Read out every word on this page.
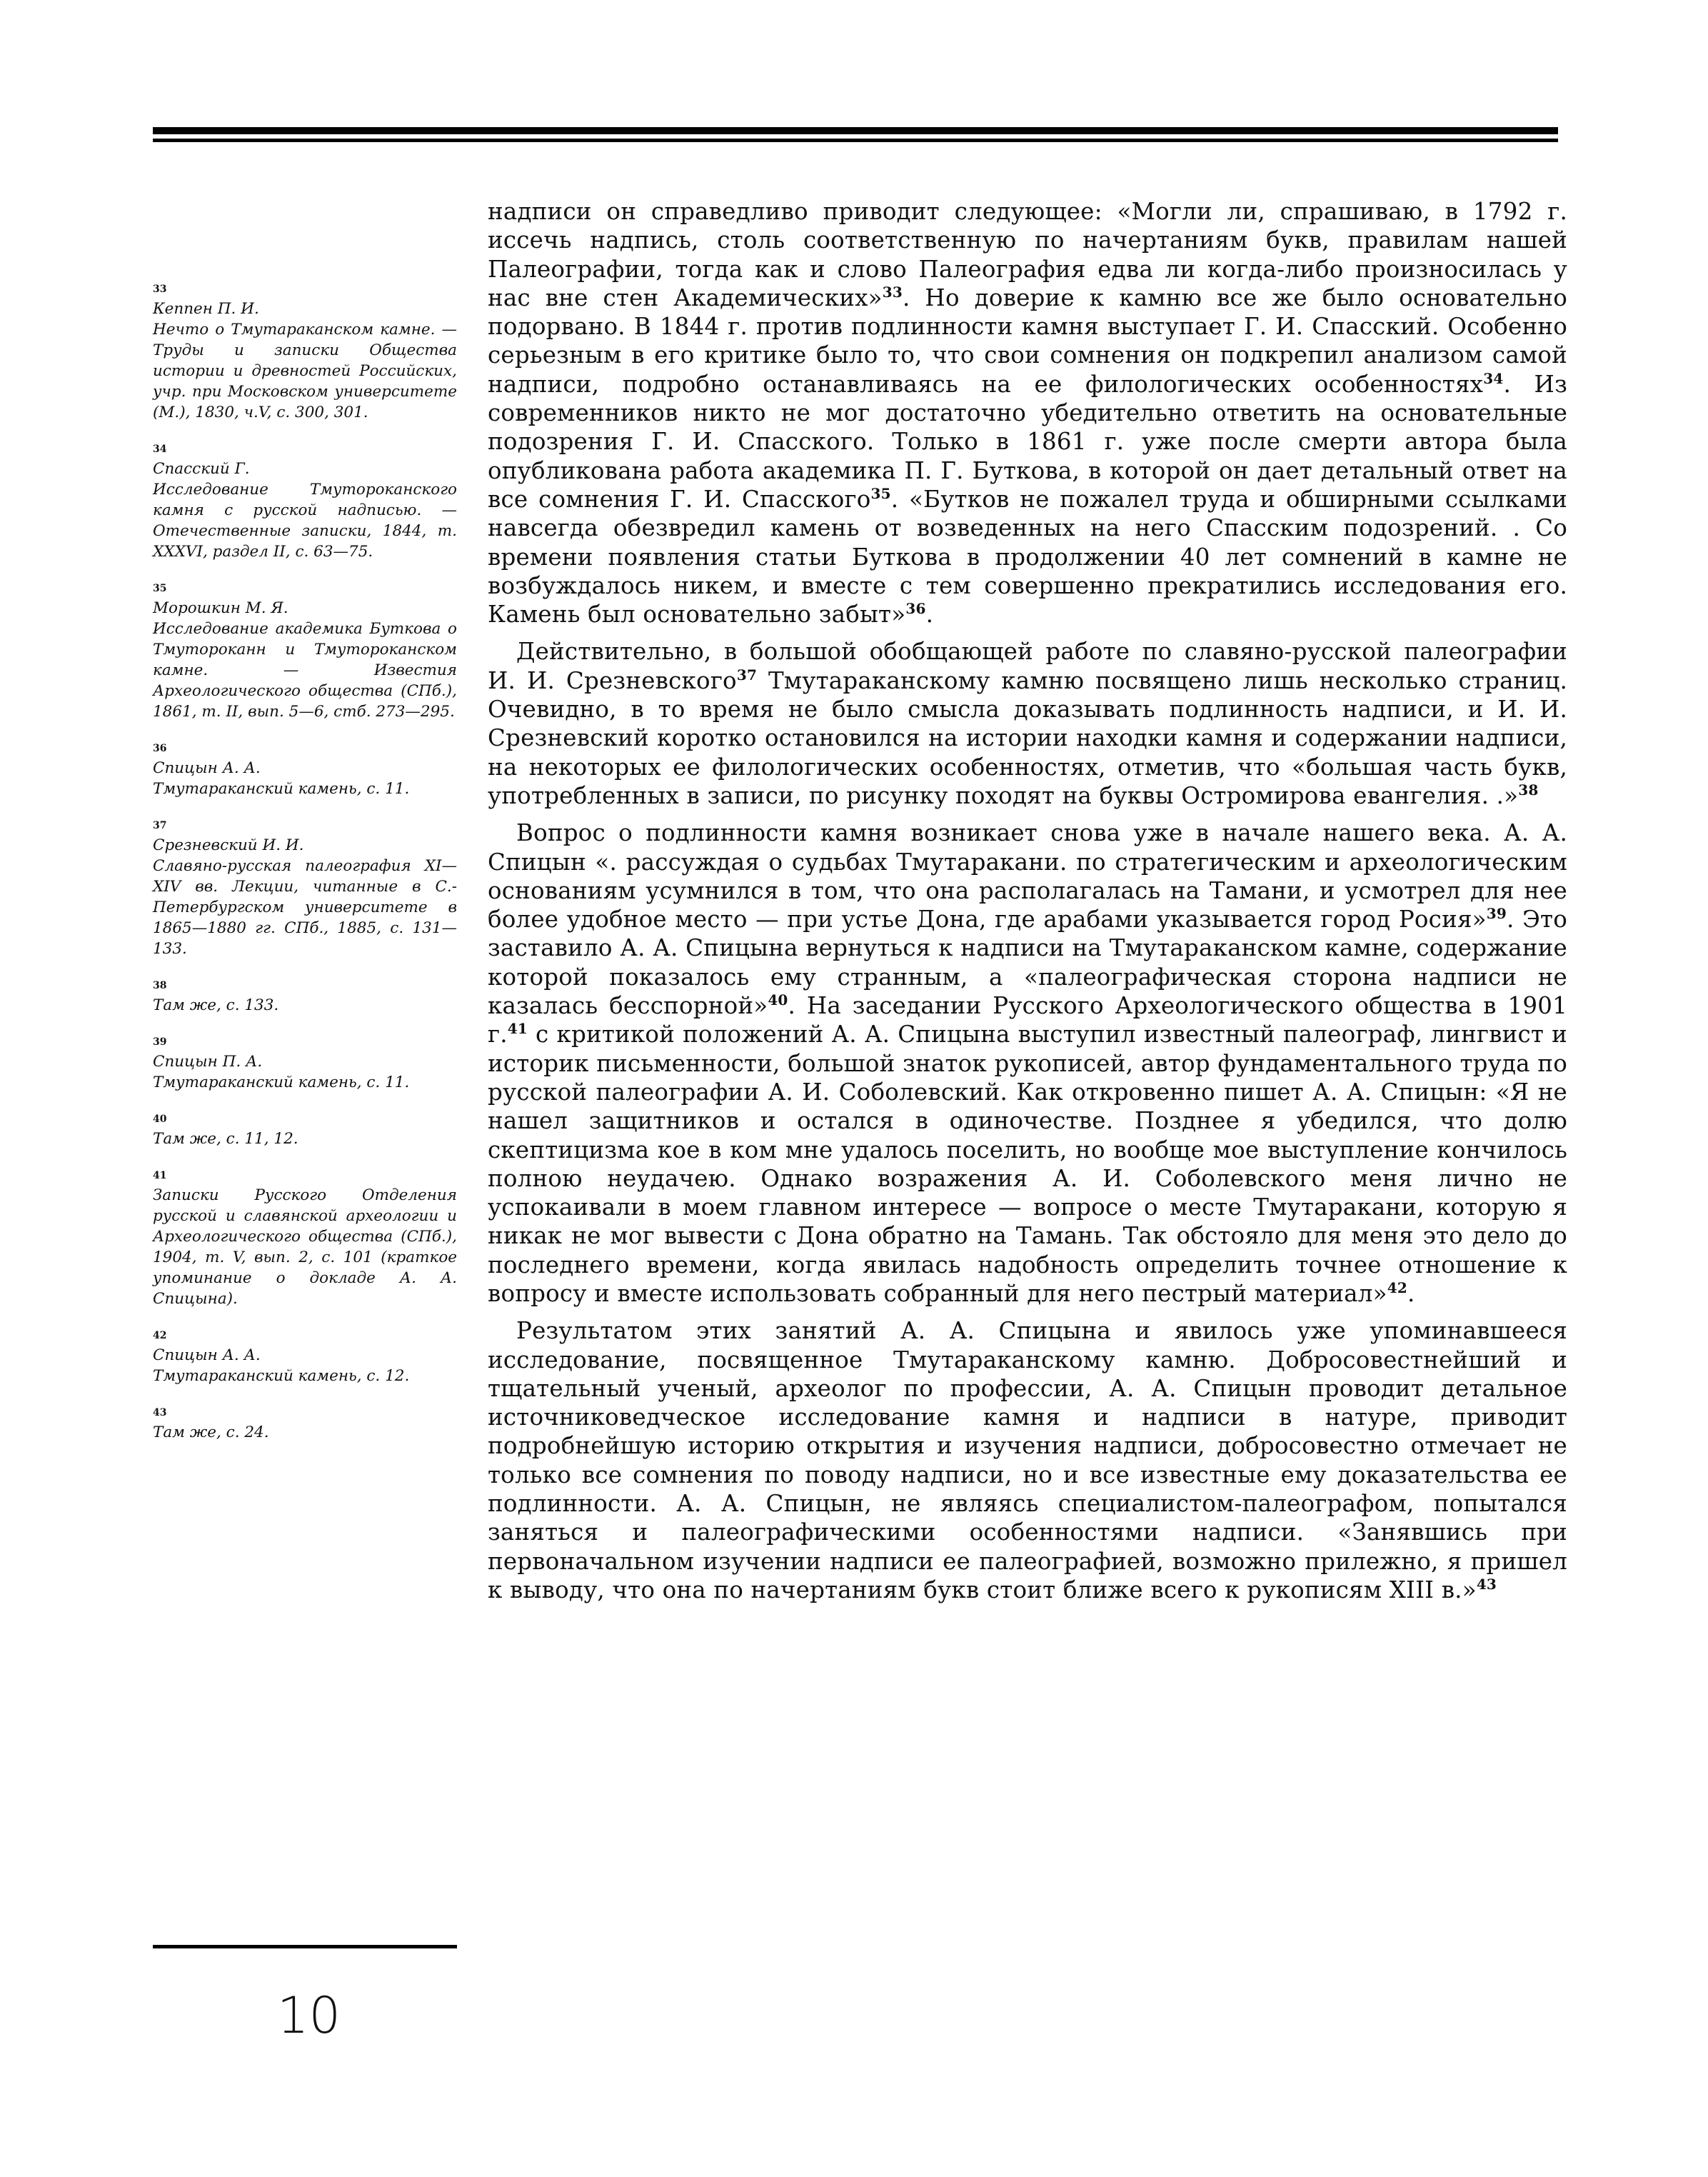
33
Кеппен П. И.
Нечто о Тмутараканском камне. — Труды и записки Общества истории и древностей Российских, учр. при Московском университете (М.), 1830, ч.V, с. 300, 301.
34
Спасский Г.
Исследование Тмутороканского камня с русской надписью. — Отечественные записки, 1844, т. XXXVI, раздел II, с. 63—75.
35
Морошкин М. Я.
Исследование академика Буткова о Тмутороканн и Тмутороканском камне. — Известия Археологического общества (СПб.), 1861, т. II, вып. 5—6, стб. 273—295.
36
Спицын А. А.
Тмутараканский камень, с. 11.
37
Срезневский И. И.
Славяно-русская палеография XI—XIV вв. Лекции, читанные в С.-Петербургском университете в 1865—1880 гг. СПб., 1885, с. 131—133.
38
Там же, с. 133.
39
Спицын П. А.
Тмутараканский камень, с. 11.
40
Там же, с. 11, 12.
41
Записки Русского Отделения русской и славянской археологии и Археологического общества (СПб.), 1904, т. V, вып. 2, с. 101 (краткое упоминание о докладе А. А. Спицына).
42
Спицын А. А.
Тмутараканский камень, с. 12.
43
Там же, с. 24.
10

надписи он справедливо приводит следующее: «Могли ли, спрашиваю, в 1792 г. иссечь надпись, столь соответственную по начертаниям букв, правилам нашей Палеографии, тогда как и слово Палеография едва ли когда-либо произносилась у нас вне стен Академических»$^{33}$. Но доверие к камню все же было основательно подорвано. В 1844 г. против подлинности камня выступает Г. И. Спасский. Особенно серьезным в его критике было то, что свои сомнения он подкрепил анализом самой надписи, подробно останавливаясь на ее филологических особенностях$^{34}$. Из современников никто не мог достаточно убедительно ответить на основательные подозрения Г. И. Спасского. Только в 1861 г. уже после смерти автора была опубликована работа академика П. Г. Буткова, в которой он дает детальный ответ на все сомнения Г. И. Спасского$^{35}$. «Бутков не пожалел труда и обширными ссылками навсегда обезвредил камень от возведенных на него Спасским подозрений. . Со времени появления статьи Буткова в продолжении 40 лет сомнений в камне не возбуждалось никем, и вместе с тем совершенно прекратились исследования его. Камень был основательно забыт»$^{36}$.

Действительно, в большой обобщающей работе по славяно-русской палеографии И. И. Срезневского$^{37}$ Тмутараканскому камню посвящено лишь несколько страниц. Очевидно, в то время не было смысла доказывать подлинность надписи, и И. И. Срезневский коротко остановился на истории находки камня и содержании надписи, на некоторых ее филологических особенностях, отметив, что «большая часть букв, употребленных в записи, по рисунку походят на буквы Остромирова евангелия. .»$^{38}$

Вопрос о подлинности камня возникает снова уже в начале нашего века. А. А. Спицын «. рассуждая о судьбах Тмутаракани. по стратегическим и археологическим основаниям усумнился в том, что она располагалась на Тамани, и усмотрел для нее более удобное место — при устье Дона, где арабами указывается город Росия»$^{39}$. Это заставило А. А. Спицына вернуться к надписи на Тмутараканском камне, содержание которой показалось ему странным, а «палеографическая сторона надписи не казалась бесспорной»$^{40}$. На заседании Русского Археологического общества в 1901 г.$^{41}$ с критикой положений А. А. Спицына выступил известный палеограф, лингвист и историк письменности, большой знаток рукописей, автор фундаментального труда по русской палеографии А. И. Соболевский. Как откровенно пишет А. А. Спицын: «Я не нашел защитников и остался в одиночестве. Позднее я убедился, что долю скептицизма кое в ком мне удалось поселить, но вообще мое выступление кончилось полною неудачею. Однако возражения А. И. Соболевского меня лично не успокаивали в моем главном интересе — вопросе о месте Тмутаракани, которую я никак не мог вывести с Дона обратно на Тамань. Так обстояло для меня это дело до последнего времени, когда явилась надобность определить точнее отношение к вопросу и вместе использовать собранный для него пестрый материал»$^{42}$.

Результатом этих занятий А. А. Спицына и явилось уже упоминавшееся исследование, посвященное Тмутараканскому камню. Добросовестнейший и тщательный ученый, археолог по профессии, А. А. Спицын проводит детальное источниковедческое исследование камня и надписи в натуре, приводит подробнейшую историю открытия и изучения надписи, добросовестно отмечает не только все сомнения по поводу надписи, но и все известные ему доказательства ее подлинности. А. А. Спицын, не являясь специалистом-палеографом, попытался заняться и палеографическими особенностями надписи. «Занявшись при первоначальном изучении надписи ее палеографией, возможно прилежно, я пришел к выводу, что она по начертаниям букв стоит ближе всего к рукописям XIII в.»$^{43}$
